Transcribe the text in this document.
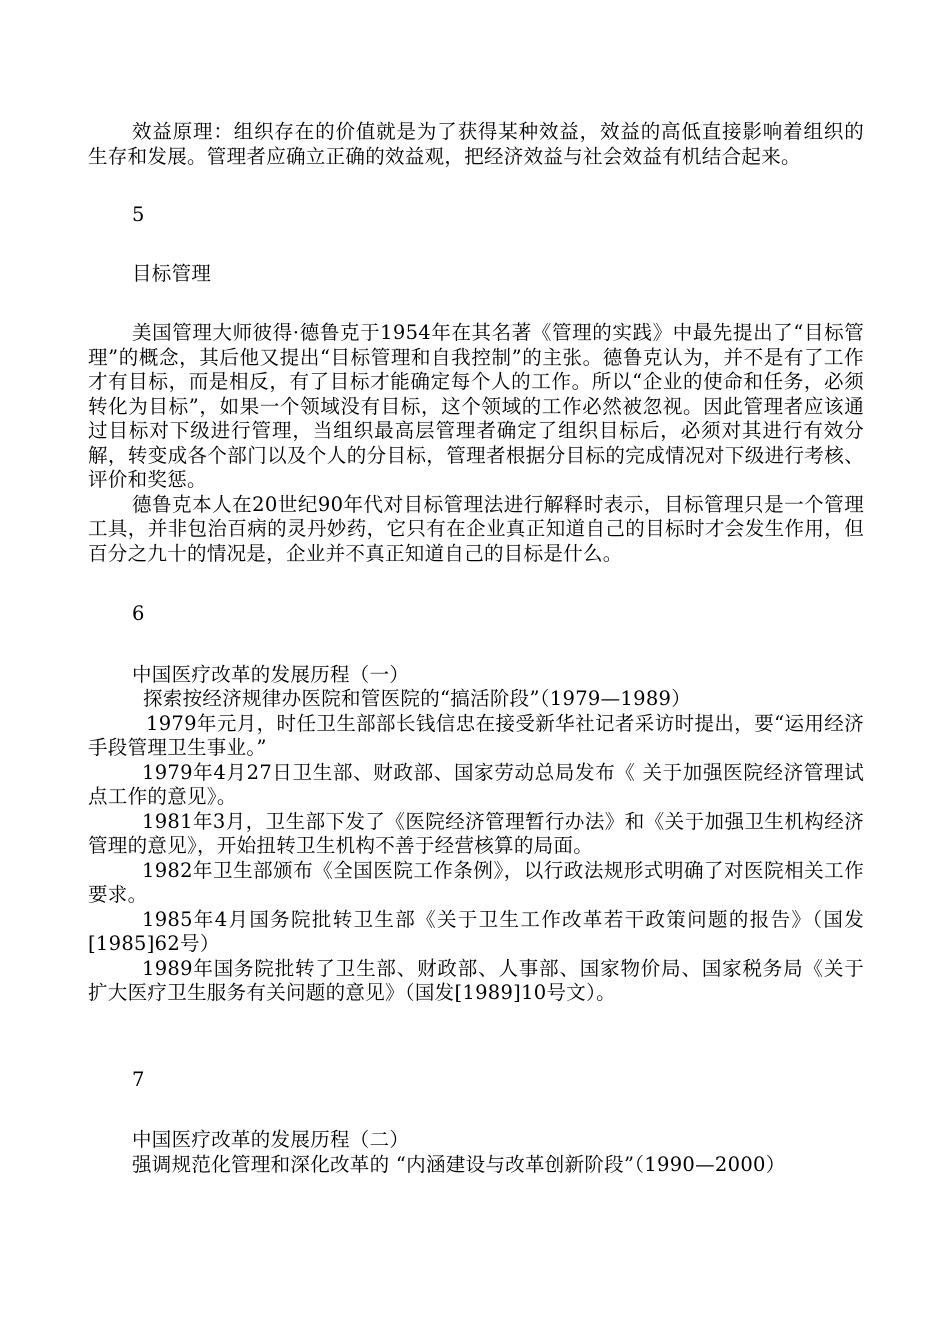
效益原理：组织存在的价值就是为了获得某种效益，效益的高低直接影响着组织的生存和发展。管理者应确立正确的效益观，把经济效益与社会效益有机结合起来。

5

目标管理

美国管理大师彼得·德鲁克于1954年在其名著《管理的实践》中最先提出了“目标管理”的概念，其后他又提出“目标管理和自我控制”的主张。德鲁克认为，并不是有了工作才有目标，而是相反，有了目标才能确定每个人的工作。所以“企业的使命和任务，必须转化为目标”，如果一个领域没有目标，这个领域的工作必然被忽视。因此管理者应该通过目标对下级进行管理，当组织最高层管理者确定了组织目标后，必须对其进行有效分解，转变成各个部门以及个人的分目标，管理者根据分目标的完成情况对下级进行考核、评价和奖惩。

德鲁克本人在20世纪90年代对目标管理法进行解释时表示，目标管理只是一个管理工具，并非包治百病的灵丹妙药，它只有在企业真正知道自己的目标时才会发生作用，但百分之九十的情况是，企业并不真正知道自己的目标是什么。

6

中国医疗改革的发展历程（一）

探索按经济规律办医院和管医院的“搞活阶段”（1979—1989）

1979年元月，时任卫生部部长钱信忠在接受新华社记者采访时提出，要“运用经济手段管理卫生事业。”

1979年4月27日卫生部、财政部、国家劳动总局发布《 关于加强医院经济管理试点工作的意见》。

1981年3月，卫生部下发了《医院经济管理暂行办法》和《关于加强卫生机构经济管理的意见》，开始扭转卫生机构不善于经营核算的局面。

1982年卫生部颁布《全国医院工作条例》，以行政法规形式明确了对医院相关工作要求。

1985年4月国务院批转卫生部《关于卫生工作改革若干政策问题的报告》（国发[1985]62号）

1989年国务院批转了卫生部、财政部、人事部、国家物价局、国家税务局《关于扩大医疗卫生服务有关问题的意见》（国发[1989]10号文）。

7

中国医疗改革的发展历程（二）

强调规范化管理和深化改革的 “内涵建设与改革创新阶段”（1990—2000）
